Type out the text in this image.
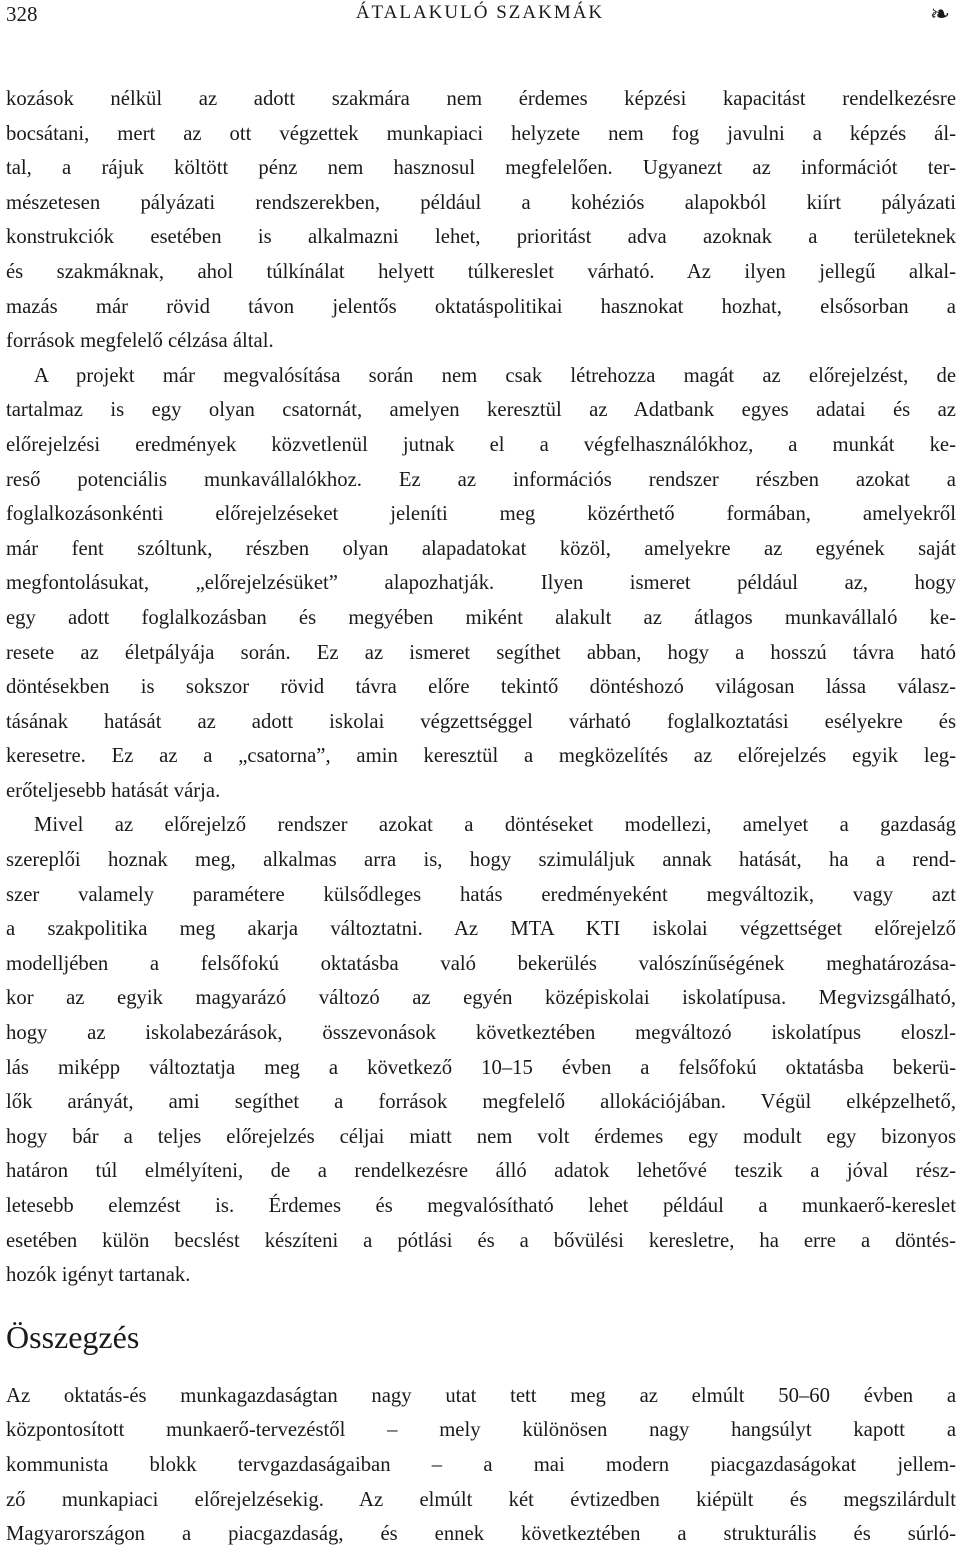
328	ÁTALAKULÓ SZAKMÁK	❧
kozások nélkül az adott szakmára nem érdemes képzési kapacitást rendelkezésre
bocsátani, mert az ott végzettek munkapiaci helyzete nem fog javulni a képzés ál-
tal, a rájuk költött pénz nem hasznosul megfelelően. Ugyanezt az információt ter-
mészetesen pályázati rendszerekben, például a kohéziós alapokból kiírt pályázati
konstrukciók esetében is alkalmazni lehet, prioritást adva azoknak a területeknek
és szakmáknak, ahol túlkínálat helyett túlkereslet várható. Az ilyen jellegű alkal-
mazás már rövid távon jelentős oktatáspolitikai hasznokat hozhat, elsősorban a
források megfelelő célzása által.
A projekt már megvalósítása során nem csak létrehozza magát az előrejelzést, de
tartalmaz is egy olyan csatornát, amelyen keresztül az Adatbank egyes adatai és az
előrejelzési eredmények közvetlenül jutnak el a végfelhasználókhoz, a munkát ke-
reső potenciális munkavállalókhoz. Ez az információs rendszer részben azokat a
foglalkozásonkénti előrejelzéseket jeleníti meg közérthető formában, amelyekről
már fent szóltunk, részben olyan alapadatokat közöl, amelyekre az egyének saját
megfontolásukat, „előrejelzésüket” alapozhatják. Ilyen ismeret például az, hogy
egy adott foglalkozásban és megyében miként alakult az átlagos munkavállaló ke-
resete az életpályája során. Ez az ismeret segíthet abban, hogy a hosszú távra ható
döntésekben is sokszor rövid távra előre tekintő döntéshozó világosan lássa válasz-
tásának hatását az adott iskolai végzettséggel várható foglalkoztatási esélyekre és
keresetre. Ez az a „csatorna”, amin keresztül a megközelítés az előrejelzés egyik leg-
erőteljesebb hatását várja.
Mivel az előrejelző rendszer azokat a döntéseket modellezi, amelyet a gazdaság
szereplői hoznak meg, alkalmas arra is, hogy szimuláljuk annak hatását, ha a rend-
szer valamely paramétere külsődleges hatás eredményeként megváltozik, vagy azt
a szakpolitika meg akarja változtatni. Az MTA KTI iskolai végzettséget előrejelző
modelljében a felsőfokú oktatásba való bekerülés valószínűségének meghatározása-
kor az egyik magyarázó változó az egyén középiskolai iskolatípusa. Megvizsgálható,
hogy az iskolabezárások, összevonások következtében megváltozó iskolatípus eloszl-
lás miképp változtatja meg a következő 10–15 évben a felsőfokú oktatásba bekerü-
lők arányát, ami segíthet a források megfelelő allokációjában. Végül elképzelhető,
hogy bár a teljes előrejelzés céljai miatt nem volt érdemes egy modult egy bizonyos
határon túl elmélyíteni, de a rendelkezésre álló adatok lehetővé teszik a jóval rész-
letesebb elemzést is. Érdemes és megvalósítható lehet például a munkaerő-kereslet
esetében külön becslést készíteni a pótlási és a bővülési keresletre, ha erre a döntés-
hozók igényt tartanak.
Összegzés
Az oktatás-és munkagazdaságtan nagy utat tett meg az elmúlt 50–60 évben a
központosított munkaerő-tervezéstől – mely különösen nagy hangsúlyt kapott a
kommunista blokk tervgazdaságaiban – a mai modern piacgazdaságokat jellem-
ző munkapiaci előrejelzésekig. Az elmúlt két évtizedben kiépült és megszilárdult
Magyarországon a piacgazdaság, és ennek következtében a strukturális és súrló-
